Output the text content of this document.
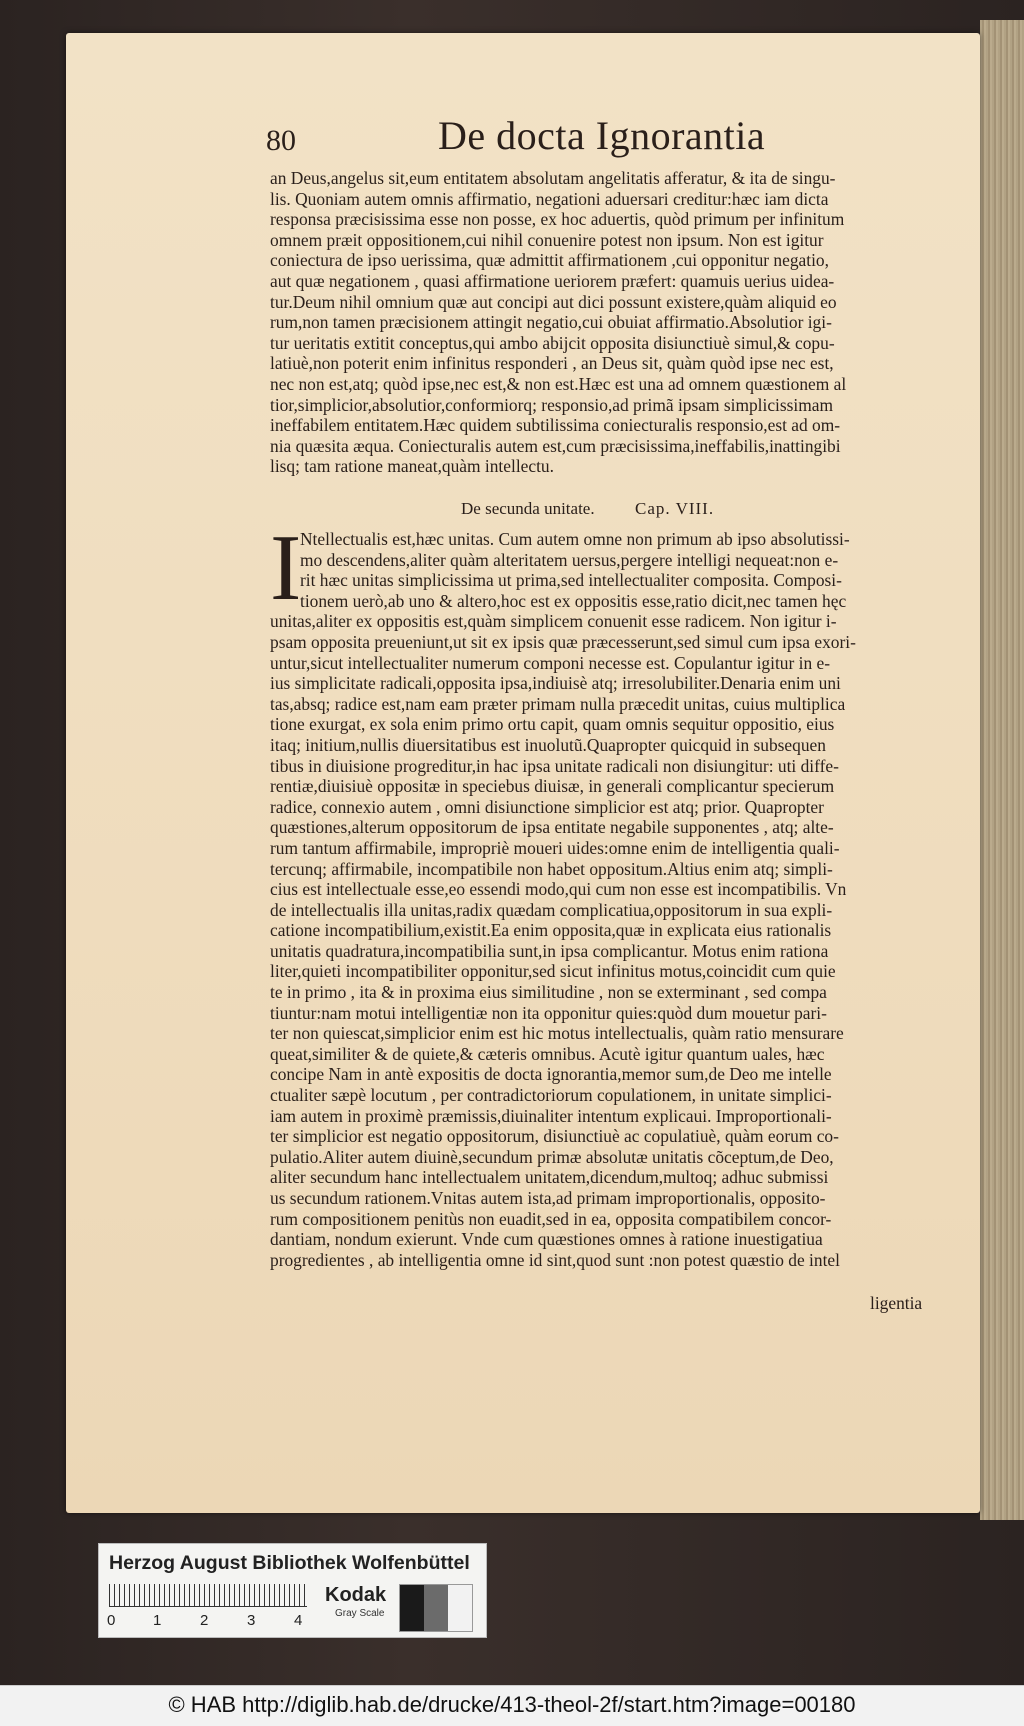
80	De docta Ignorantia
an Deus,angelus sit,eum entitatem absolutam angelitatis afferatur, & ita de singu-
lis. Quoniam autem omnis affirmatio, negationi aduersari creditur:hæc iam dicta
responsa præcisissima esse non posse, ex hoc aduertis, quòd primum per infinitum
omnem præit oppositionem,cui nihil conuenire potest non ipsum. Non est igitur
coniectura de ipso uerissima, quæ admittit affirmationem ,cui opponitur negatio,
aut quæ negationem , quasi affirmatione ueriorem præfert: quamuis uerius uidea-
tur.Deum nihil omnium quæ aut concipi aut dici possunt existere,quàm aliquid eo
rum,non tamen præcisionem attingit negatio,cui obuiat affirmatio.Absolutior igi-
tur ueritatis extitit conceptus,qui ambo abijcit opposita disiunctiuè simul,& copu-
latiuè,non poterit enim infinitus responderi , an Deus sit, quàm quòd ipse nec est,
nec non est,atq; quòd ipse,nec est,& non est.Hæc est una ad omnem quæstionem al
tior,simplicior,absolutior,conformiorq; responsio,ad primã ipsam simplicissimam
ineffabilem entitatem.Hæc quidem subtilissima coniecturalis responsio,est ad om-
nia quæsita æqua. Coniecturalis autem est,cum præcisissima,ineffabilis,inattingibi
lisq; tam ratione maneat,quàm intellectu.
De secunda unitate. Cap. VIII.
I
Ntellectualis est,hæc unitas. Cum autem omne non primum ab ipso absolutissi-
mo descendens,aliter quàm alteritatem uersus,pergere intelligi nequeat:non e-
rit hæc unitas simplicissima ut prima,sed intellectualiter composita. Composi-
tionem uerò,ab uno & altero,hoc est ex oppositis esse,ratio dicit,nec tamen hęc
unitas,aliter ex oppositis est,quàm simplicem conuenit esse radicem. Non igitur i-
psam opposita preueniunt,ut sit ex ipsis quæ præcesserunt,sed simul cum ipsa exori-
untur,sicut intellectualiter numerum componi necesse est. Copulantur igitur in e-
ius simplicitate radicali,opposita ipsa,indiuisè atq; irresolubiliter.Denaria enim uni
tas,absq; radice est,nam eam præter primam nulla præcedit unitas, cuius multiplica
tione exurgat, ex sola enim primo ortu capit, quam omnis sequitur oppositio, eius
itaq; initium,nullis diuersitatibus est inuolutũ.Quapropter quicquid in subsequen
tibus in diuisione progreditur,in hac ipsa unitate radicali non disiungitur: uti diffe-
rentiæ,diuisiuè oppositæ in speciebus diuisæ, in generali complicantur specierum
radice, connexio autem , omni disiunctione simplicior est atq; prior. Quapropter
quæstiones,alterum oppositorum de ipsa entitate negabile supponentes , atq; alte-
rum tantum affirmabile, impropriè moueri uides:omne enim de intelligentia quali-
tercunq; affirmabile, incompatibile non habet oppositum.Altius enim atq; simpli-
cius est intellectuale esse,eo essendi modo,qui cum non esse est incompatibilis. Vn
de intellectualis illa unitas,radix quædam complicatiua,oppositorum in sua expli-
catione incompatibilium,existit.Ea enim opposita,quæ in explicata eius rationalis
unitatis quadratura,incompatibilia sunt,in ipsa complicantur. Motus enim rationa
liter,quieti incompatibiliter opponitur,sed sicut infinitus motus,coincidit cum quie
te in primo , ita & in proxima eius similitudine , non se exterminant , sed compa
tiuntur:nam motui intelligentiæ non ita opponitur quies:quòd dum mouetur pari-
ter non quiescat,simplicior enim est hic motus intellectualis, quàm ratio mensurare
queat,similiter & de quiete,& cæteris omnibus. Acutè igitur quantum uales, hæc
concipe Nam in antè expositis de docta ignorantia,memor sum,de Deo me intelle
ctualiter sæpè locutum , per contradictoriorum copulationem, in unitate simplici-
iam autem in proximè præmissis,diuinaliter intentum explicaui. Improportionali-
ter simplicior est negatio oppositorum, disiunctiuè ac copulatiuè, quàm eorum co-
pulatio.Aliter autem diuinè,secundum primæ absolutæ unitatis cõceptum,de Deo,
aliter secundum hanc intellectualem unitatem,dicendum,multoq; adhuc submissi
us secundum rationem.Vnitas autem ista,ad primam improportionalis, opposito-
rum compositionem penitùs non euadit,sed in ea, opposita compatibilem concor-
dantiam, nondum exierunt. Vnde cum quæstiones omnes à ratione inuestigatiua
progredientes , ab intelligentia omne id sint,quod sunt :non potest quæstio de intel
ligentia
Herzog August Bibliothek Wolfenbüttel
0	1	2	3	4
Kodak
Gray Scale
© HAB http://diglib.hab.de/drucke/413-theol-2f/start.htm?image=00180
